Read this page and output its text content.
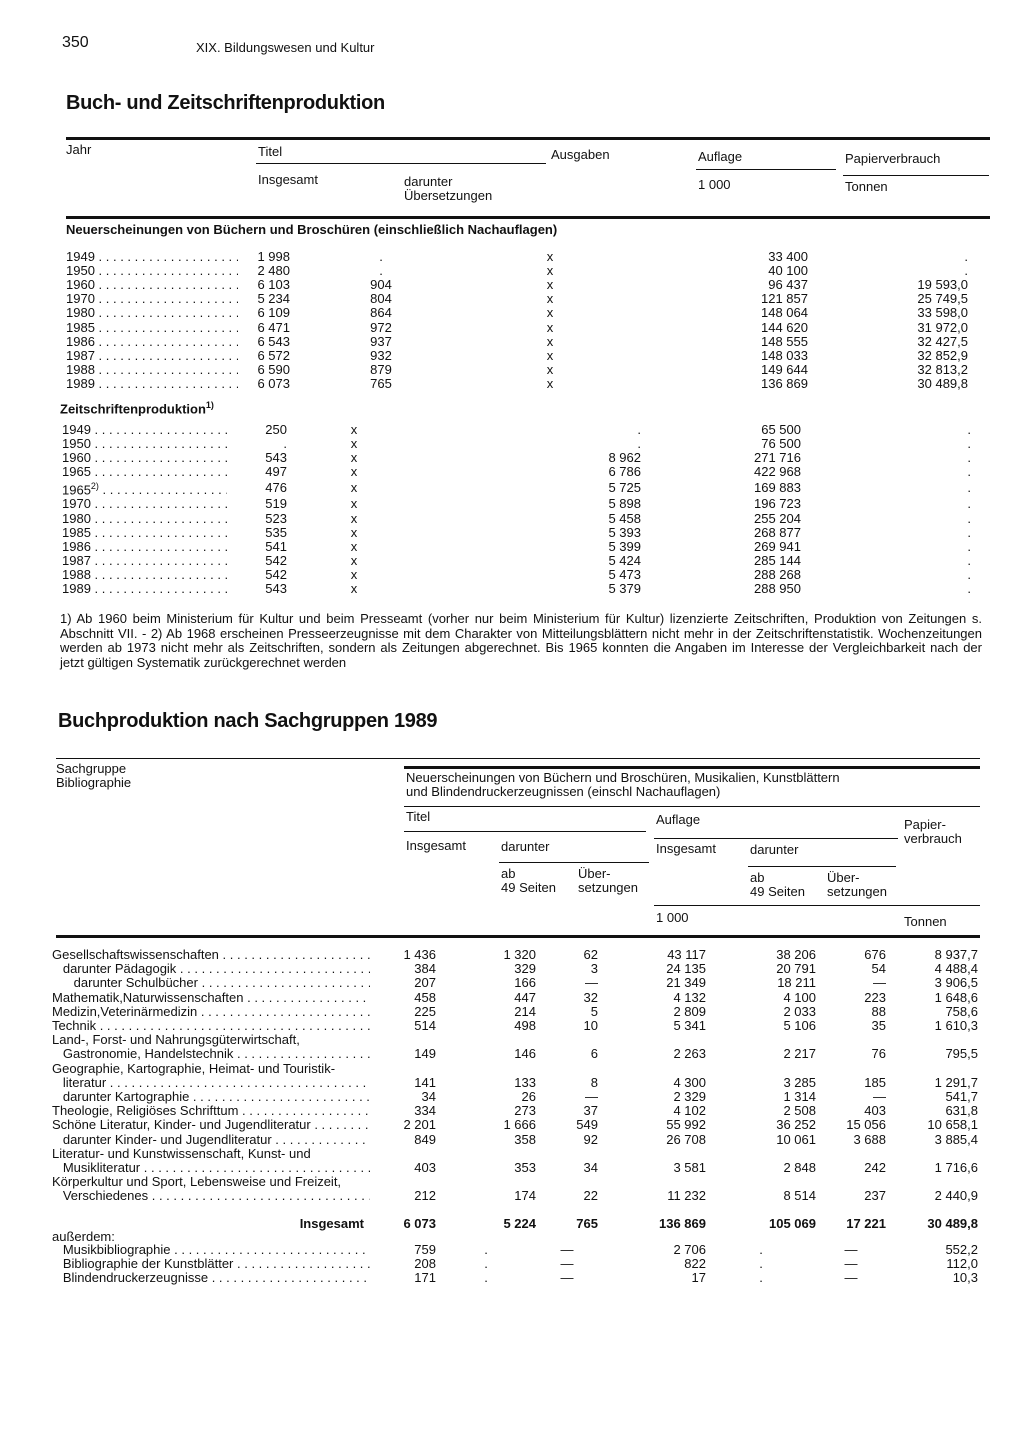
350	XIX. Bildungswesen und Kultur
Buch- und Zeitschriftenproduktion
Jahr	Titel
Insgesamt	darunter
Übersetzungen
Ausgaben	Auflage
1 000
Papierverbrauch
Tonnen
Neuerscheinungen von Büchern und Broschüren (einschließlich Nachauflagen)
1949 . . .	1 998	.	x	33 400	.
1950 . . .	2 480	.	x	40 100	.
1960 . . .	6 103	904	x	96 437	19 593,0
1970 . . .	5 234	804	x	121 857	25 749,5
1980 . . .	6 109	864	x	148 064	33 598,0
1985 . . .	6 471	972	x	144 620	31 972,0
1986 . . .	6 543	937	x	148 555	32 427,5
1987 . . .	6 572	932	x	148 033	32 852,9
1988 . . .	6 590	879	x	149 644	32 813,2
1989 . . .	6 073	765	x	136 869	30 489,8
Zeitschriftenproduktion$^{1)}$
1949 . . .	250	x	.	65 500	.
1950 . . .	.	x	.	76 500	.
1960 . . .	543	x	8 962	271 716	.
1965 . . .	497	x	6 786	422 968	.
1965$^{2)}$ . . .	476	x	5 725	169 883	.
1970 . . .	519	x	5 898	196 723	.
1980 . . .	523	x	5 458	255 204	.
1985 . . .	535	x	5 393	268 877	.
1986 . . .	541	x	5 399	269 941	.
1987 . . .	542	x	5 424	285 144	.
1988 . . .	542	x	5 473	288 268	.
1989 . . .	543	x	5 379	288 950	.
1) Ab 1960 beim Ministerium für Kultur und beim Presseamt (vorher nur beim Ministerium für Kultur) lizenzierte Zeitschriften, Produktion von Zeitungen s. Abschnitt VII. - 2) Ab 1968 erscheinen Presseerzeugnisse mit dem Charakter von Mitteilungsblättern nicht mehr in der Zeitschriftenstatistik. Wochenzeitungen werden ab 1973 nicht mehr als Zeitschriften, sondern als Zeitungen abgerechnet. Bis 1965 konnten die Angaben im Interesse der Vergleichbarkeit nach der jetzt gültigen Systematik zurückgerechnet werden
Buchproduktion nach Sachgruppen 1989
Sachgruppe
Bibliographie	Neuerscheinungen von Büchern und Broschüren, Musikalien, Kunstblättern
und Blindendruckerzeugnissen (einschl Nachauflagen)
Titel	Auflage	Papier-
verbrauch
Insgesamt	darunter	Insgesamt	darunter
ab
49 Seiten
Über-
setzungen
ab
49 Seiten
Über-
setzungen
1 000	Tonnen
Gesellschaftswissenschaften . . .	1 436	1 320	62	43 117	38 206	676	8 937,7

darunter Pädagogik . . .	384	329	3	24 135	20 791	54	4 488,4

darunter Schulbücher . . .	207	166	—	21 349	18 211	—	3 906,5

Mathematik,Naturwissenschaften . . .	458	447	32	4 132	4 100	223	1 648,6

Medizin,Veterinärmedizin . . .	225	214	5	2 809	2 033	88	758,6

Technik . . .	514	498	10	5 341	5 106	35	1 610,3

Land-, Forst- und Nahrungsgüterwirtschaft,
Gastronomie, Handelstechnik . . .	149	146	6	2 263	2 217	76	795,5

Geographie, Kartographie, Heimat- und Touristik-
literatur . . .	141	133	8	4 300	3 285	185	1 291,7

darunter Kartographie . . .	34	26	—	2 329	1 314	—	541,7

Theologie, Religiöses Schrifttum . . .	334	273	37	4 102	2 508	403	631,8

Schöne Literatur, Kinder- und Jugendliteratur . . .	2 201	1 666	549	55 992	36 252	15 056	10 658,1

darunter Kinder- und Jugendliteratur . . .	849	358	92	26 708	10 061	3 688	3 885,4

Literatur- und Kunstwissenschaft, Kunst- und
Musikliteratur . . .	403	353	34	3 581	2 848	242	1 716,6

Körperkultur und Sport, Lebensweise und Freizeit,
Verschiedenes . . .	212	174	22	11 232	8 514	237	2 440,9
Insgesamt	6 073	5 224	765	136 869	105 069	17 221	30 489,8
außerdem:							

Musikbibliographie . . .	759	.	—	2 706	.	—	552,2

Bibliographie der Kunstblätter . . .	208	.	—	822	.	—	112,0

Blindendruckerzeugnisse . . .	171	.	—	17	.	—	10,3
